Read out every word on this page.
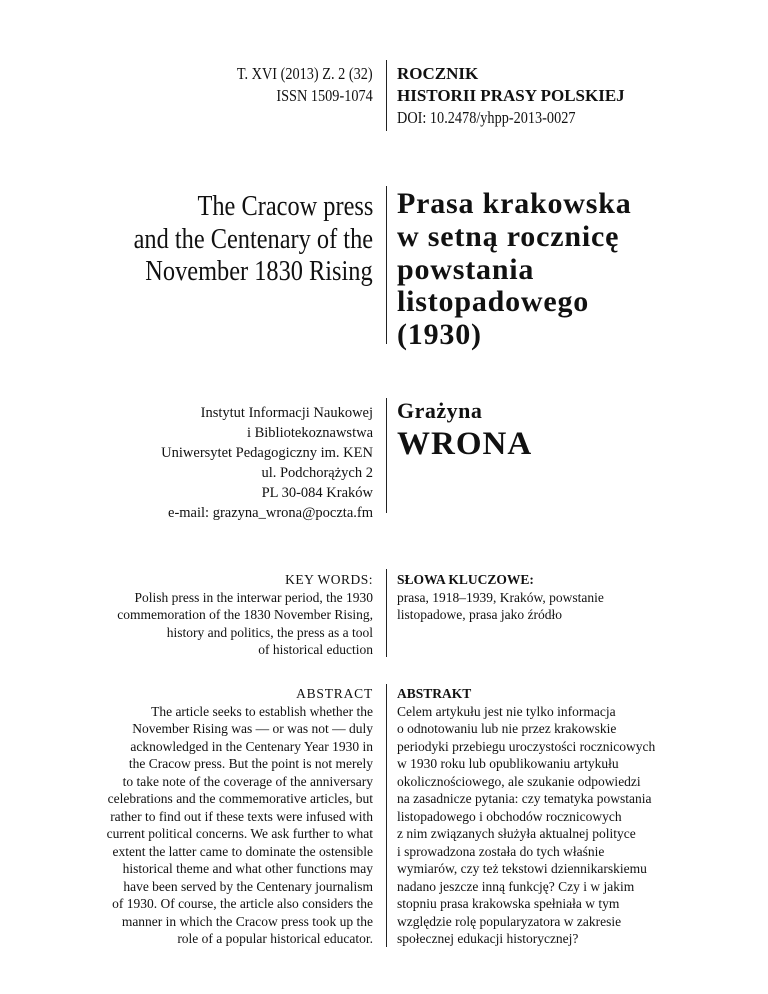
T. XVI (2013) Z. 2 (32)
ISSN 1509-1074
ROCZNIK
HISTORII PRASY POLSKIEJ
DOI: 10.2478/yhpp-2013-0027
The Cracow press
and the Centenary of the
November 1830 Rising
Prasa krakowska
w setną rocznicę
powstania
listopadowego
(1930)
Instytut Informacji Naukowej
i Bibliotekoznawstwa
Uniwersytet Pedagogiczny im. KEN
ul. Podchorążych 2
PL 30-084 Kraków
e-mail: grazyna_wrona@poczta.fm
Grażyna
WRONA
KEY WORDS:
Polish press in the interwar period, the 1930
commemoration of the 1830 November Rising,
history and politics, the press as a tool
of historical eduction
SŁOWA KLUCZOWE:
prasa, 1918–1939, Kraków, powstanie
listopadowe, prasa jako źródło
ABSTRACT
The article seeks to establish whether the
November Rising was — or was not — duly
acknowledged in the Centenary Year 1930 in
the Cracow press. But the point is not merely
to take note of the coverage of the anniversary
celebrations and the commemorative articles, but
rather to find out if these texts were infused with
current political concerns. We ask further to what
extent the latter came to dominate the ostensible
historical theme and what other functions may
have been served by the Centenary journalism
of 1930. Of course, the article also considers the
manner in which the Cracow press took up the
role of a popular historical educator.
ABSTRAKT
Celem artykułu jest nie tylko informacja
o odnotowaniu lub nie przez krakowskie
periodyki przebiegu uroczystości rocznicowych
w 1930 roku lub opublikowaniu artykułu
okolicznościowego, ale szukanie odpowiedzi
na zasadnicze pytania: czy tematyka powstania
listopadowego i obchodów rocznicowych
z nim związanych służyła aktualnej polityce
i sprowadzona została do tych właśnie
wymiarów, czy też tekstowi dziennikarskiemu
nadano jeszcze inną funkcję? Czy i w jakim
stopniu prasa krakowska spełniała w tym
względzie rolę popularyzatora w zakresie
społecznej edukacji historycznej?
